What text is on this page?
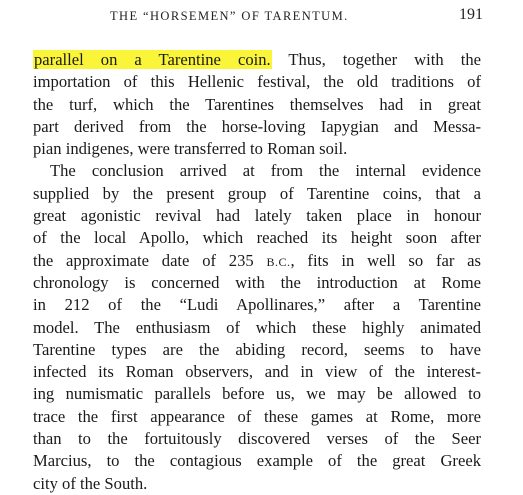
THE “HORSEMEN” OF TARENTUM.	191
parallel on a Tarentine coin. Thus, together with the
importation of this Hellenic festival, the old traditions of
the turf, which the Tarentines themselves had in great
part derived from the horse-loving Iapygian and Messa-
pian indigenes, were transferred to Roman soil.
The conclusion arrived at from the internal evidence
supplied by the present group of Tarentine coins, that a
great agonistic revival had lately taken place in honour
of the local Apollo, which reached its height soon after
the approximate date of 235 B.C., fits in well so far as
chronology is concerned with the introduction at Rome
in 212 of the “Ludi Apollinares,” after a Tarentine
model. The enthusiasm of which these highly animated
Tarentine types are the abiding record, seems to have
infected its Roman observers, and in view of the interest-
ing numismatic parallels before us, we may be allowed to
trace the first appearance of these games at Rome, more
than to the fortuitously discovered verses of the Seer
Marcius, to the contagious example of the great Greek
city of the South.
